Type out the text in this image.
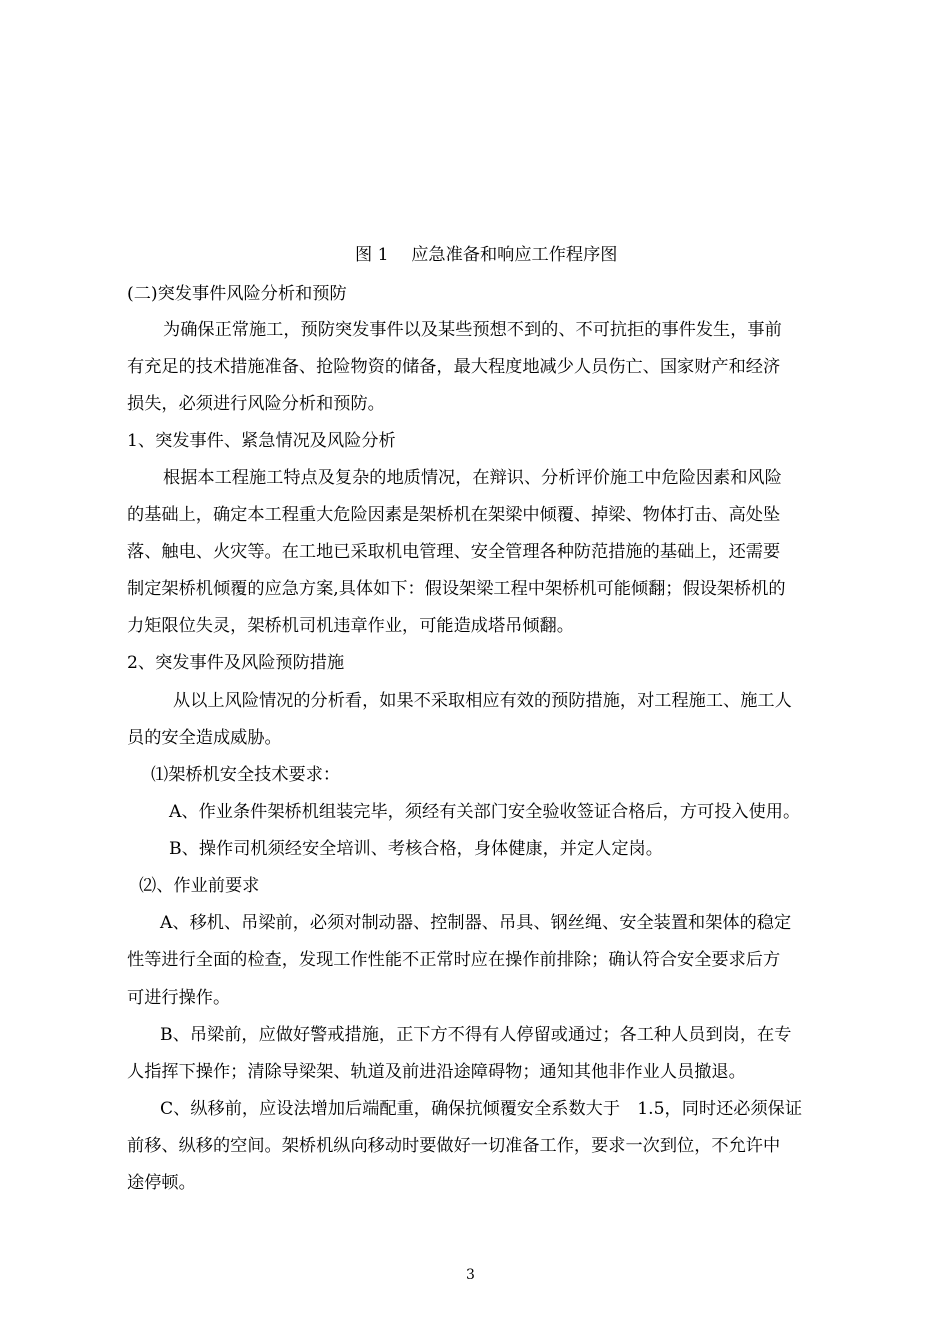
图 1　 应急准备和响应工作程序图

(二)突发事件风险分析和预防

为确保正常施工，预防突发事件以及某些预想不到的、不可抗拒的事件发生，事前

有充足的技术措施准备、抢险物资的储备，最大程度地减少人员伤亡、国家财产和经济

损失，必须进行风险分析和预防。

1、突发事件、紧急情况及风险分析

根据本工程施工特点及复杂的地质情况，在辩识、分析评价施工中危险因素和风险

的基础上，确定本工程重大危险因素是架桥机在架梁中倾覆、掉梁、物体打击、高处坠

落、触电、火灾等。在工地已采取机电管理、安全管理各种防范措施的基础上，还需要

制定架桥机倾覆的应急方案,具体如下：假设架梁工程中架桥机可能倾翻；假设架桥机的

力矩限位失灵，架桥机司机违章作业，可能造成塔吊倾翻。

2、突发事件及风险预防措施

从以上风险情况的分析看，如果不采取相应有效的预防措施，对工程施工、施工人

员的安全造成威胁。

⑴架桥机安全技术要求：

A、作业条件架桥机组装完毕，须经有关部门安全验收签证合格后，方可投入使用。

B、操作司机须经安全培训、考核合格，身体健康，并定人定岗。

⑵、作业前要求

A、移机、吊梁前，必须对制动器、控制器、吊具、钢丝绳、安全装置和架体的稳定

性等进行全面的检查，发现工作性能不正常时应在操作前排除；确认符合安全要求后方

可进行操作。

B、吊梁前，应做好警戒措施，正下方不得有人停留或通过；各工种人员到岗，在专

人指挥下操作；清除导梁架、轨道及前进沿途障碍物；通知其他非作业人员撤退。

C、纵移前，应设法增加后端配重，确保抗倾覆安全系数大于　1.5，同时还必须保证

前移、纵移的空间。架桥机纵向移动时要做好一切准备工作，要求一次到位，不允许中

途停顿。

3
